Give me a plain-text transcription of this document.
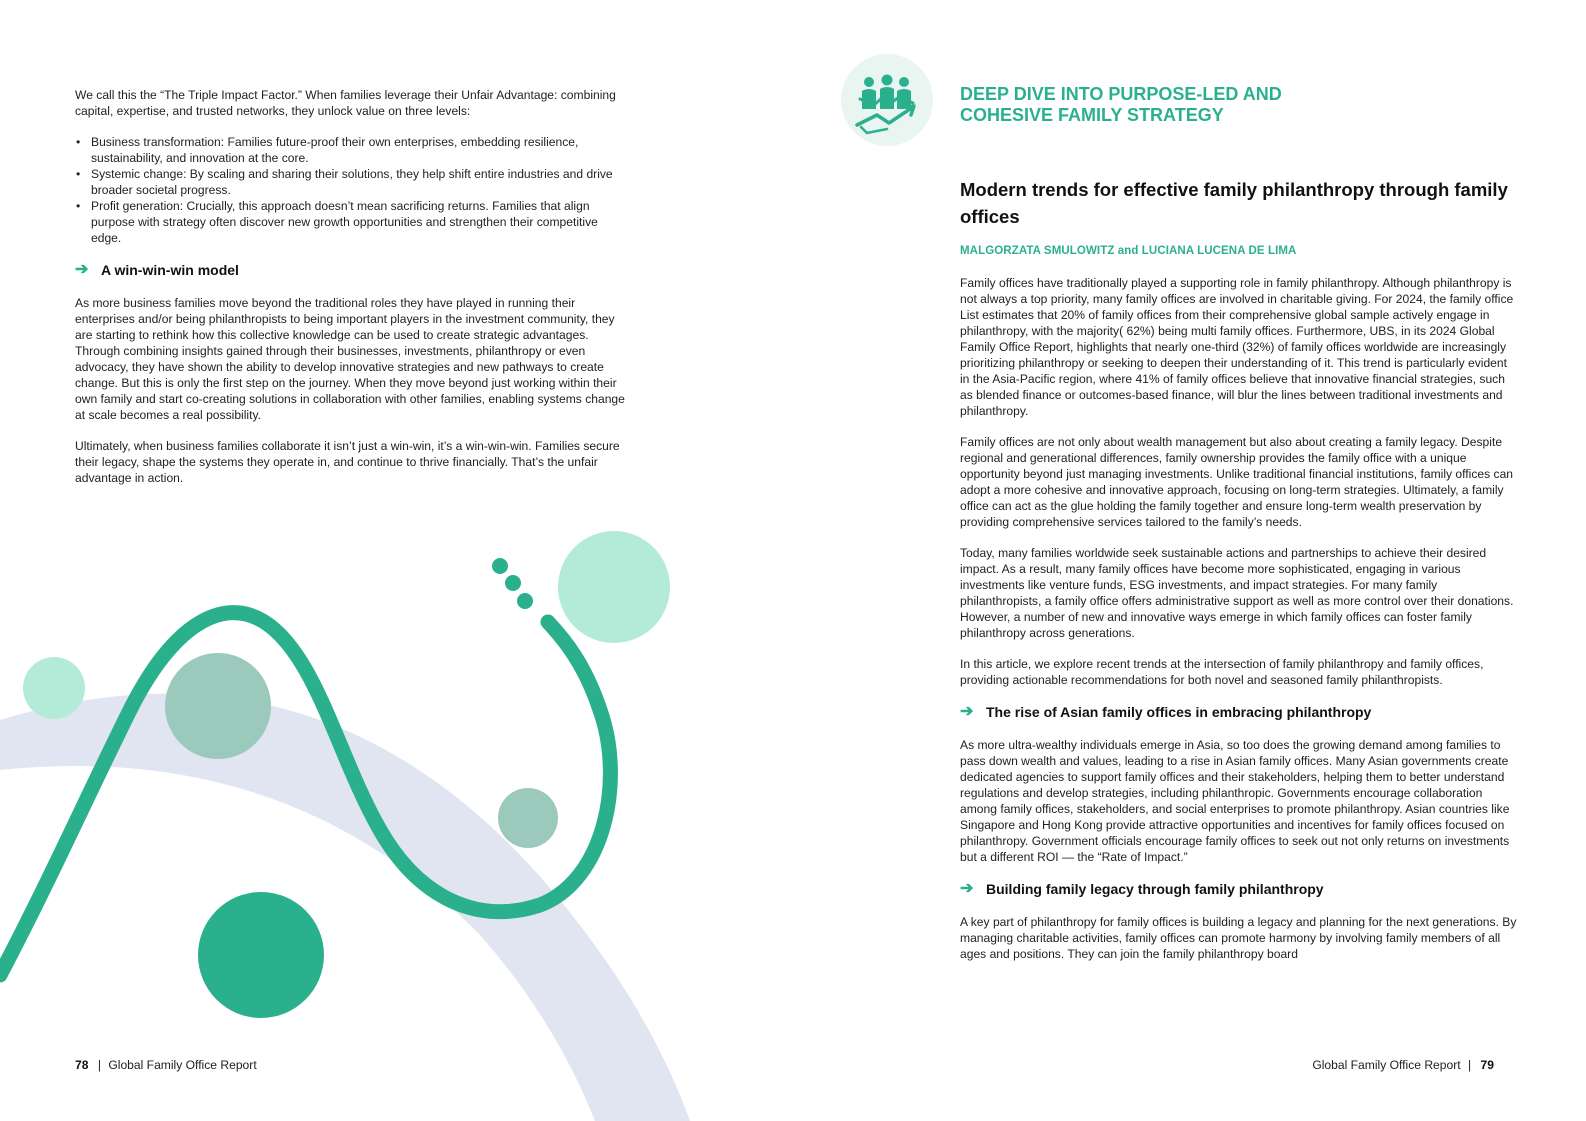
We call this the “The Triple Impact Factor.” When families leverage their Unfair Advantage: combining capital, expertise, and trusted networks, they unlock value on three levels:

• Business transformation: Families future-proof their own enterprises, embedding resilience, sustainability, and innovation at the core.
• Systemic change: By scaling and sharing their solutions, they help shift entire industries and drive broader societal progress.
• Profit generation: Crucially, this approach doesn’t mean sacrificing returns. Families that align purpose with strategy often discover new growth opportunities and strengthen their competitive edge.
➔ A win-win-win model

As more business families move beyond the traditional roles they have played in running their enterprises and/or being philanthropists to being important players in the investment community, they are starting to rethink how this collective knowledge can be used to create strategic advantages. Through combining insights gained through their businesses, investments, philanthropy or even advocacy, they have shown the ability to develop innovative strategies and new pathways to create change. But this is only the first step on the journey. When they move beyond just working within their own family and start co-creating solutions in collaboration with other families, enabling systems change at scale becomes a real possibility.

Ultimately, when business families collaborate it isn’t just a win-win, it’s a win-win-win. Families secure their legacy, shape the systems they operate in, and continue to thrive financially. That’s the unfair advantage in action.

78 | Global Family Office Report
DEEP DIVE INTO PURPOSE-LED AND
COHESIVE FAMILY STRATEGY
Modern trends for effective family philanthropy through family offices
MALGORZATA SMULOWITZ and LUCIANA LUCENA DE LIMA

Family offices have traditionally played a supporting role in family philanthropy. Although philanthropy is not always a top priority, many family offices are involved in charitable giving. For 2024, the family office List estimates that 20% of family offices from their comprehensive global sample actively engage in philanthropy, with the majority( 62%) being multi family offices. Furthermore, UBS, in its 2024 Global Family Office Report, highlights that nearly one-third (32%) of family offices worldwide are increasingly prioritizing philanthropy or seeking to deepen their understanding of it. This trend is particularly evident in the Asia-Pacific region, where 41% of family offices believe that innovative financial strategies, such as blended finance or outcomes-based finance, will blur the lines between traditional investments and philanthropy.

Family offices are not only about wealth management but also about creating a family legacy. Despite regional and generational differences, family ownership provides the family office with a unique opportunity beyond just managing investments. Unlike traditional financial institutions, family offices can adopt a more cohesive and innovative approach, focusing on long-term strategies. Ultimately, a family office can act as the glue holding the family together and ensure long-term wealth preservation by providing comprehensive services tailored to the family’s needs.

Today, many families worldwide seek sustainable actions and partnerships to achieve their desired impact. As a result, many family offices have become more sophisticated, engaging in various investments like venture funds, ESG investments, and impact strategies. For many family philanthropists, a family office offers administrative support as well as more control over their donations. However, a number of new and innovative ways emerge in which family offices can foster family philanthropy across generations.

In this article, we explore recent trends at the intersection of family philanthropy and family offices, providing actionable recommendations for both novel and seasoned family philanthropists.

➔ The rise of Asian family offices in embracing philanthropy

As more ultra-wealthy individuals emerge in Asia, so too does the growing demand among families to pass down wealth and values, leading to a rise in Asian family offices. Many Asian governments create dedicated agencies to support family offices and their stakeholders, helping them to better understand regulations and develop strategies, including philanthropic. Governments encourage collaboration among family offices, stakeholders, and social enterprises to promote philanthropy. Asian countries like Singapore and Hong Kong provide attractive opportunities and incentives for family offices focused on philanthropy. Government officials encourage family offices to seek out not only returns on investments but a different ROI — the “Rate of Impact.”

➔ Building family legacy through family philanthropy

A key part of philanthropy for family offices is building a legacy and planning for the next generations. By managing charitable activities, family offices can promote harmony by involving family members of all ages and positions. They can join the family philanthropy board

Global Family Office Report | 79
